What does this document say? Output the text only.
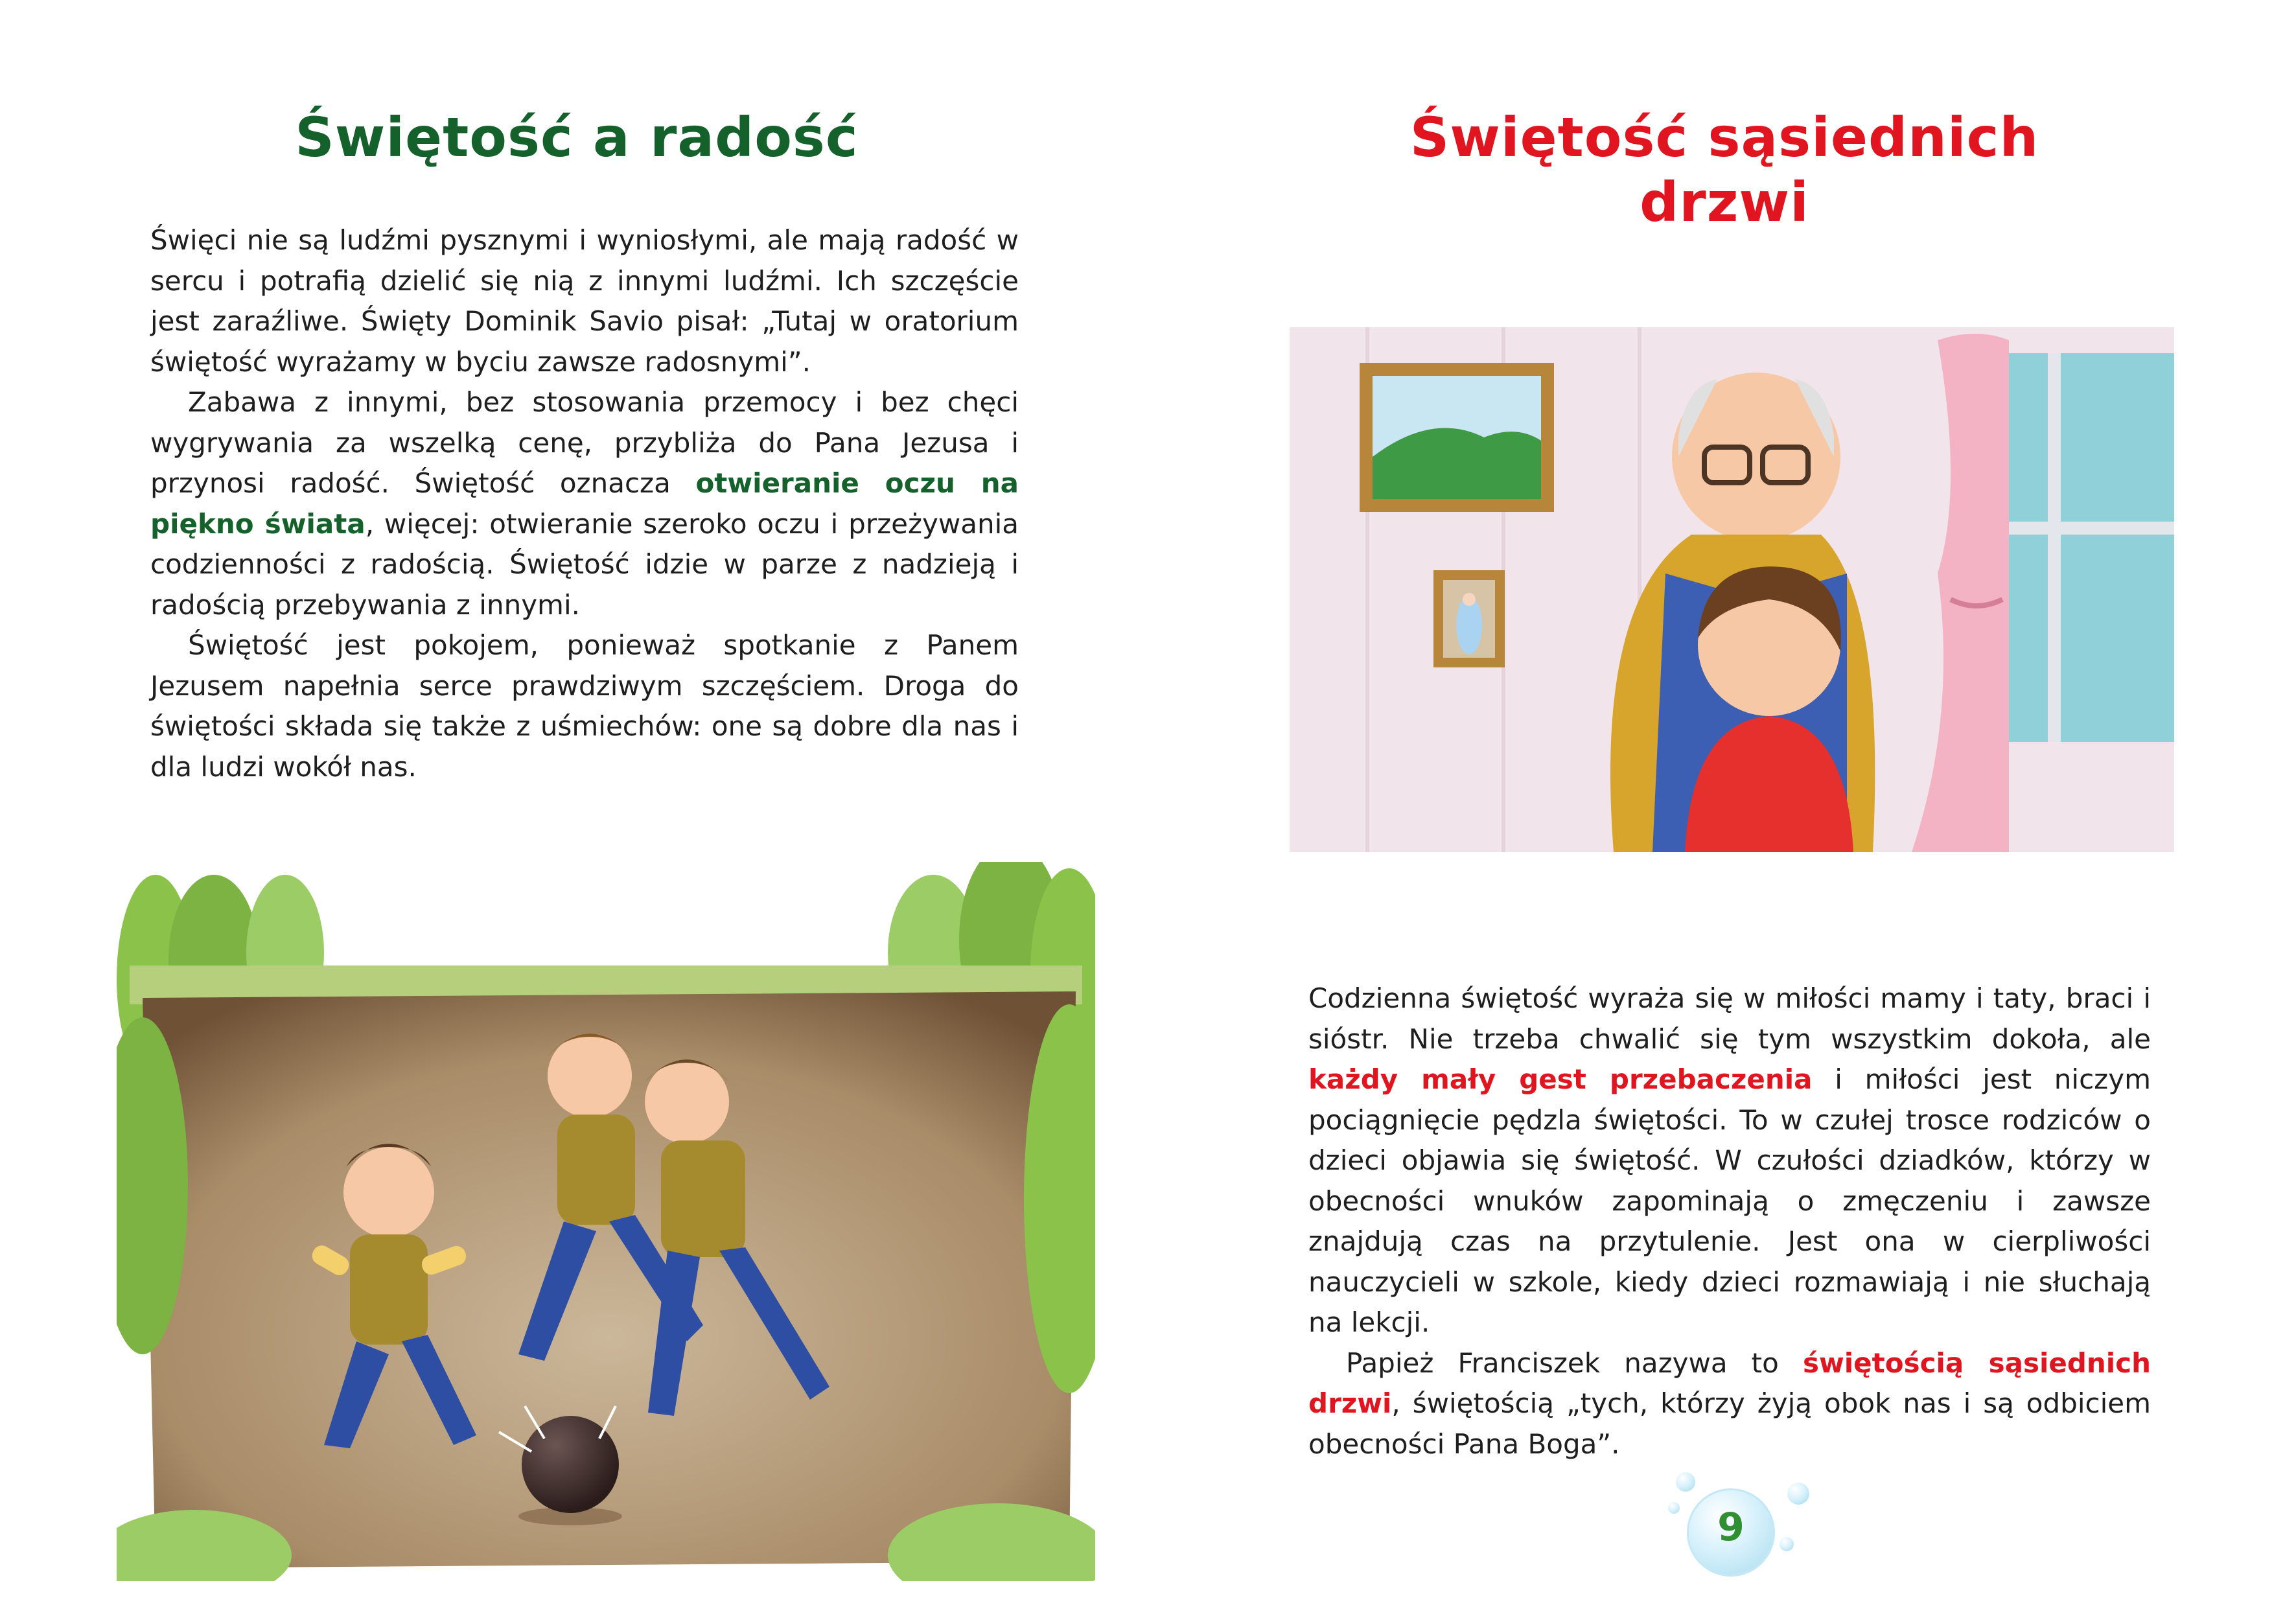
Świętość a radość

Święci nie są ludźmi pysznymi i wyniosłymi, ale mają radość w sercu i potrafią dzielić się nią z innymi ludźmi. Ich szczęście jest zaraźliwe. Święty Dominik Savio pisał: „Tutaj w oratorium świętość wyrażamy w byciu zawsze radosnymi”.

Zabawa z innymi, bez stosowania przemocy i bez chęci wygrywania za wszelką cenę, przybliża do Pana Jezusa i przynosi radość. Świętość oznacza otwieranie oczu na piękno świata, więcej: otwieranie szeroko oczu i przeżywania codzienności z radością. Świętość idzie w parze z nadzieją i radością przebywania z innymi.

Świętość jest pokojem, ponieważ spotkanie z Panem Jezusem napełnia serce prawdziwym szczęściem. Droga do świętości składa się także z uśmiechów: one są dobre dla nas i dla ludzi wokół nas.

Świętość sąsiednich
drzwi

Codzienna świętość wyraża się w miłości mamy i taty, braci i sióstr. Nie trzeba chwalić się tym wszystkim dokoła, ale każdy mały gest przebaczenia i miłości jest niczym pociągnięcie pędzla świętości. To w czułej trosce rodziców o dzieci objawia się świętość. W czułości dziadków, którzy w obecności wnuków zapominają o zmęczeniu i zawsze znajdują czas na przytulenie. Jest ona w cierpliwości nauczycieli w szkole, kiedy dzieci rozmawiają i nie słuchają na lekcji.

Papież Franciszek nazywa to świętością sąsiednich drzwi, świętością „tych, którzy żyją obok nas i są odbiciem obecności Pana Boga”.

9
